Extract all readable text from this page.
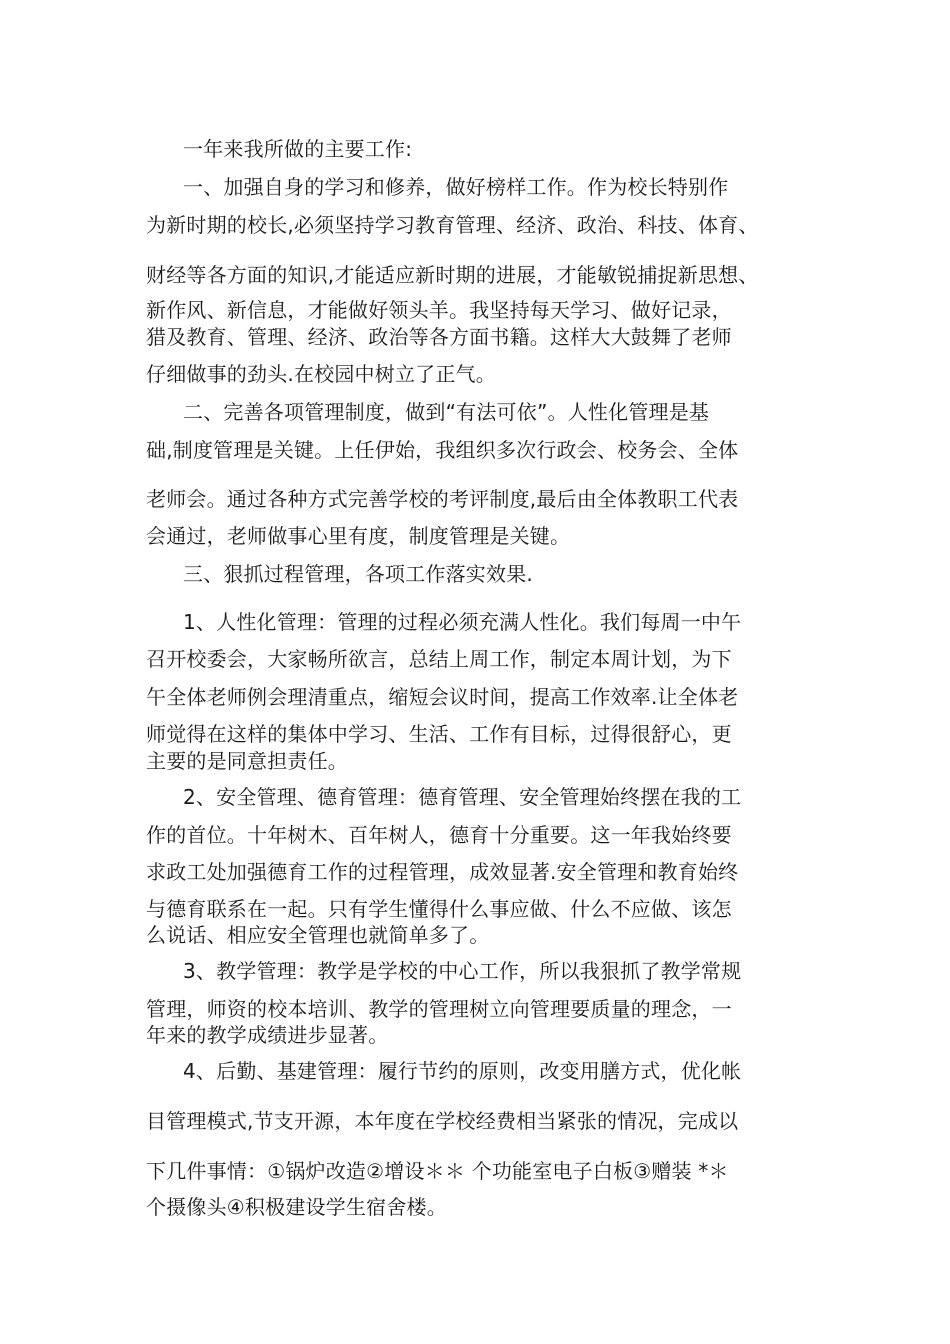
一年来我所做的主要工作:
一、加强自身的学习和修养，做好榜样工作。作为校长特别作
为新时期的校长,必须坚持学习教育管理、经济、政治、科技、体育、
财经等各方面的知识,才能适应新时期的进展，才能敏锐捕捉新思想、
新作风、新信息，才能做好领头羊。我坚持每天学习、做好记录，
猎及教育、管理、经济、政治等各方面书籍。这样大大鼓舞了老师
仔细做事的劲头.在校园中树立了正气。
二、完善各项管理制度，做到“有法可依”。人性化管理是基
础,制度管理是关键。上任伊始，我组织多次行政会、校务会、全体
老师会。通过各种方式完善学校的考评制度,最后由全体教职工代表
会通过，老师做事心里有度，制度管理是关键。
三、狠抓过程管理，各项工作落实效果.
1、人性化管理：管理的过程必须充满人性化。我们每周一中午
召开校委会，大家畅所欲言，总结上周工作，制定本周计划，为下
午全体老师例会理清重点，缩短会议时间，提高工作效率.让全体老
师觉得在这样的集体中学习、生活、工作有目标，过得很舒心，更
主要的是同意担责任。
2、安全管理、德育管理：德育管理、安全管理始终摆在我的工
作的首位。十年树木、百年树人，德育十分重要。这一年我始终要
求政工处加强德育工作的过程管理，成效显著.安全管理和教育始终
与德育联系在一起。只有学生懂得什么事应做、什么不应做、该怎
么说话、相应安全管理也就简单多了。
3、教学管理：教学是学校的中心工作，所以我狠抓了教学常规
管理，师资的校本培训、教学的管理树立向管理要质量的理念，一
年来的教学成绩进步显著。
4、后勤、基建管理：履行节约的原则，改变用膳方式，优化帐
目管理模式,节支开源，本年度在学校经费相当紧张的情况，完成以
下几件事情：①锅炉改造②增设＊＊ 个功能室电子白板③赠装 *＊
个摄像头④积极建设学生宿舍楼。
